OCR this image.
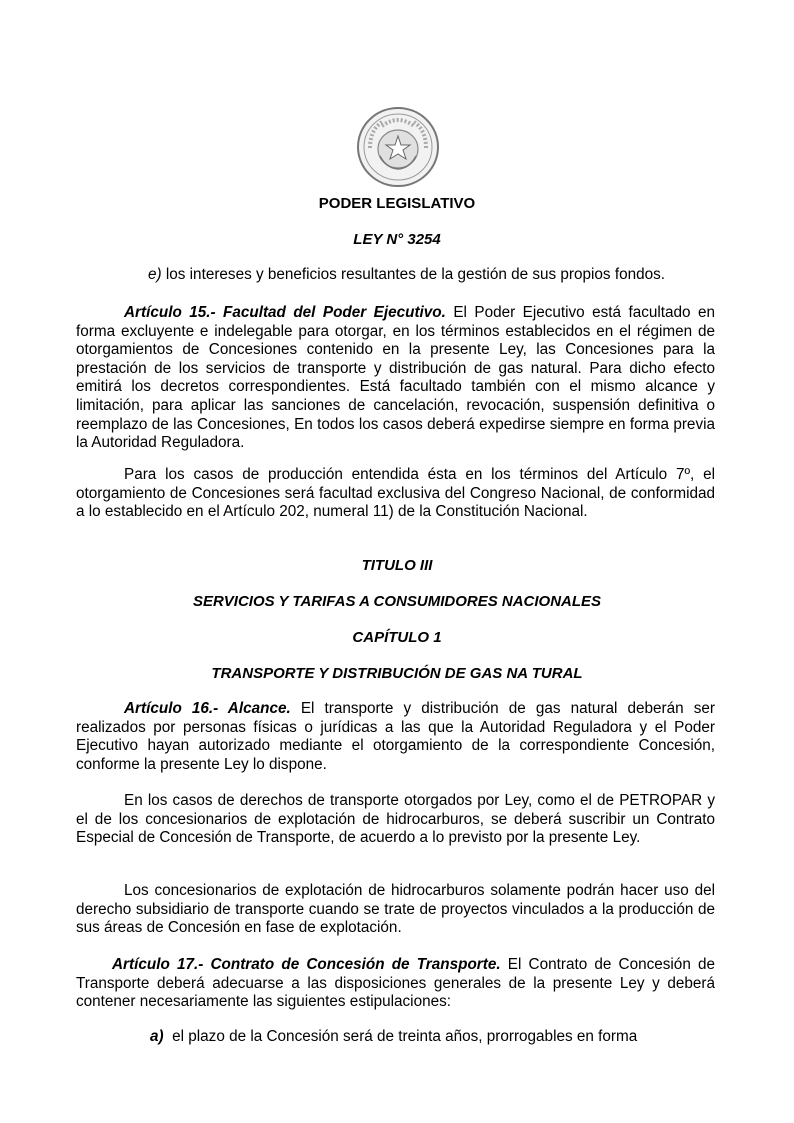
PODER LEGISLATIVO
LEY N° 3254

e) los intereses y beneficios resultantes de la gestión de sus propios fondos.

Artículo 15.- Facultad del Poder Ejecutivo. El Poder Ejecutivo está facultado en forma excluyente e indelegable para otorgar, en los términos establecidos en el régimen de otorgamientos de Concesiones contenido en la presente Ley, las Concesiones para la prestación de los servicios de transporte y distribución de gas natural. Para dicho efecto emitirá los decretos correspondientes. Está facultado también con el mismo alcance y limitación, para aplicar las sanciones de cancelación, revocación, suspensión definitiva o reemplazo de las Concesiones, En todos los casos deberá expedirse siempre en forma previa la Autoridad Reguladora.

Para los casos de producción entendida ésta en los términos del Artículo 7º, el otorgamiento de Concesiones será facultad exclusiva del Congreso Nacional, de conformidad a lo establecido en el Artículo 202, numeral 11) de la Constitución Nacional.

TITULO III
SERVICIOS Y TARIFAS A CONSUMIDORES NACIONALES
CAPÍTULO 1
TRANSPORTE Y DISTRIBUCIÓN DE GAS NA TURAL

Artículo 16.- Alcance. El transporte y distribución de gas natural deberán ser realizados por personas físicas o jurídicas a las que la Autoridad Reguladora y el Poder Ejecutivo hayan autorizado mediante el otorgamiento de la correspondiente Concesión, conforme la presente Ley lo dispone.

En los casos de derechos de transporte otorgados por Ley, como el de PETROPAR y el de los concesionarios de explotación de hidrocarburos, se deberá suscribir un Contrato Especial de Concesión de Transporte, de acuerdo a lo previsto por la presente Ley.

Los concesionarios de explotación de hidrocarburos solamente podrán hacer uso del derecho subsidiario de transporte cuando se trate de proyectos vinculados a la producción de sus áreas de Concesión en fase de explotación.

Artículo 17.- Contrato de Concesión de Transporte. El Contrato de Concesión de Transporte deberá adecuarse a las disposiciones generales de la presente Ley y deberá contener necesariamente las siguientes estipulaciones:

a) el plazo de la Concesión será de treinta años, prorrogables en forma
